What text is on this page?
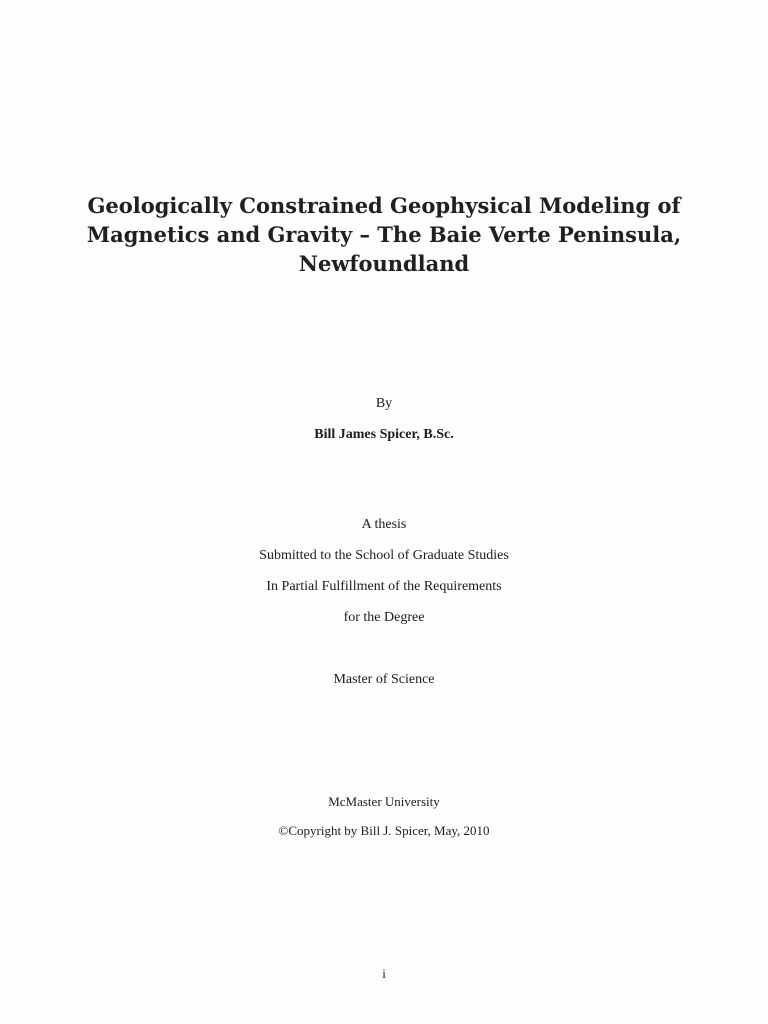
Geologically Constrained Geophysical Modeling of
Magnetics and Gravity – The Baie Verte Peninsula,
Newfoundland
By
Bill James Spicer, B.Sc.
A thesis
Submitted to the School of Graduate Studies
In Partial Fulfillment of the Requirements
for the Degree
Master of Science
McMaster University
©Copyright by Bill J. Spicer, May, 2010
i
